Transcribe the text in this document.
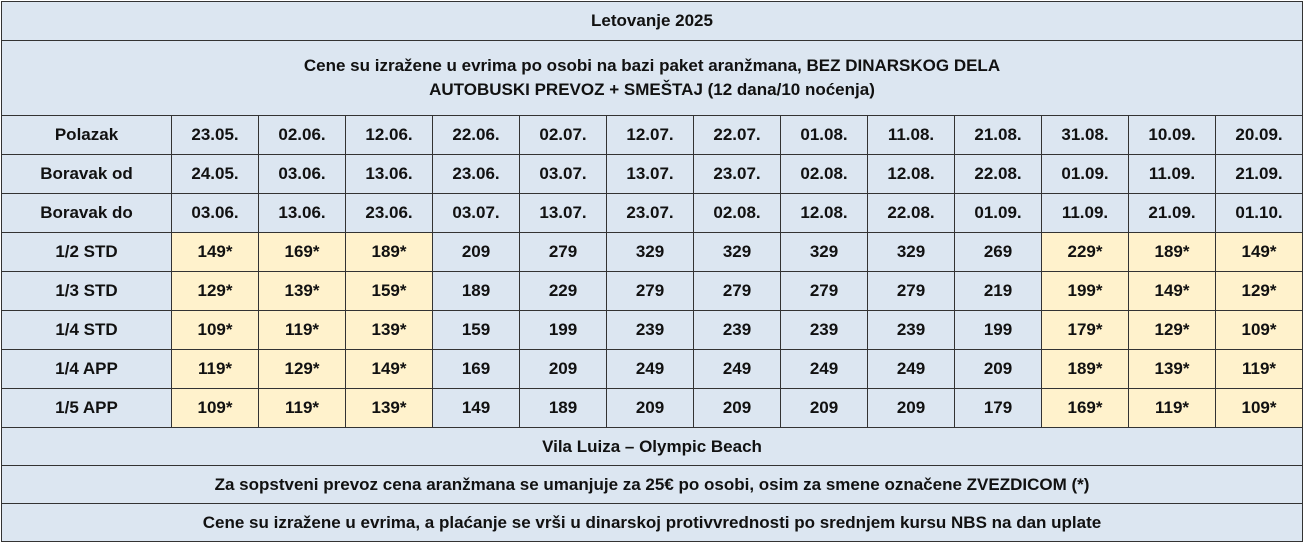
Letovanje 2025													

Cene su izražene u evrima po osobi na bazi paket aranžmana, BEZ DINARSKOG DELA
AUTOBUSKI PREVOZ + SMEŠTAJ (12 dana/10 noćenja)													

Polazak	23.05.	02.06.	12.06.	22.06.	02.07.	12.07.	22.07.	01.08.	11.08.	21.08.	31.08.	10.09.	20.09.
Boravak od	24.05.	03.06.	13.06.	23.06.	03.07.	13.07.	23.07.	02.08.	12.08.	22.08.	01.09.	11.09.	21.09.
Boravak do	03.06.	13.06.	23.06.	03.07.	13.07.	23.07.	02.08.	12.08.	22.08.	01.09.	11.09.	21.09.	01.10.
1/2 STD	149*	169*	189*	209	279	329	329	329	329	269	229*	189*	149*
1/3 STD	129*	139*	159*	189	229	279	279	279	279	219	199*	149*	129*
1/4 STD	109*	119*	139*	159	199	239	239	239	239	199	179*	129*	109*
1/4 APP	119*	129*	149*	169	209	249	249	249	249	209	189*	139*	119*
1/5 APP	109*	119*	139*	149	189	209	209	209	209	179	169*	119*	109*
Vila Luiza – Olympic Beach													
Za sopstveni prevoz cena aranžmana se umanjuje za 25€ po osobi, osim za smene označene ZVEZDICOM (*)													
Cene su izražene u evrima, a plaćanje se vrši u dinarskoj protivvrednosti po srednjem kursu NBS na dan uplate													
